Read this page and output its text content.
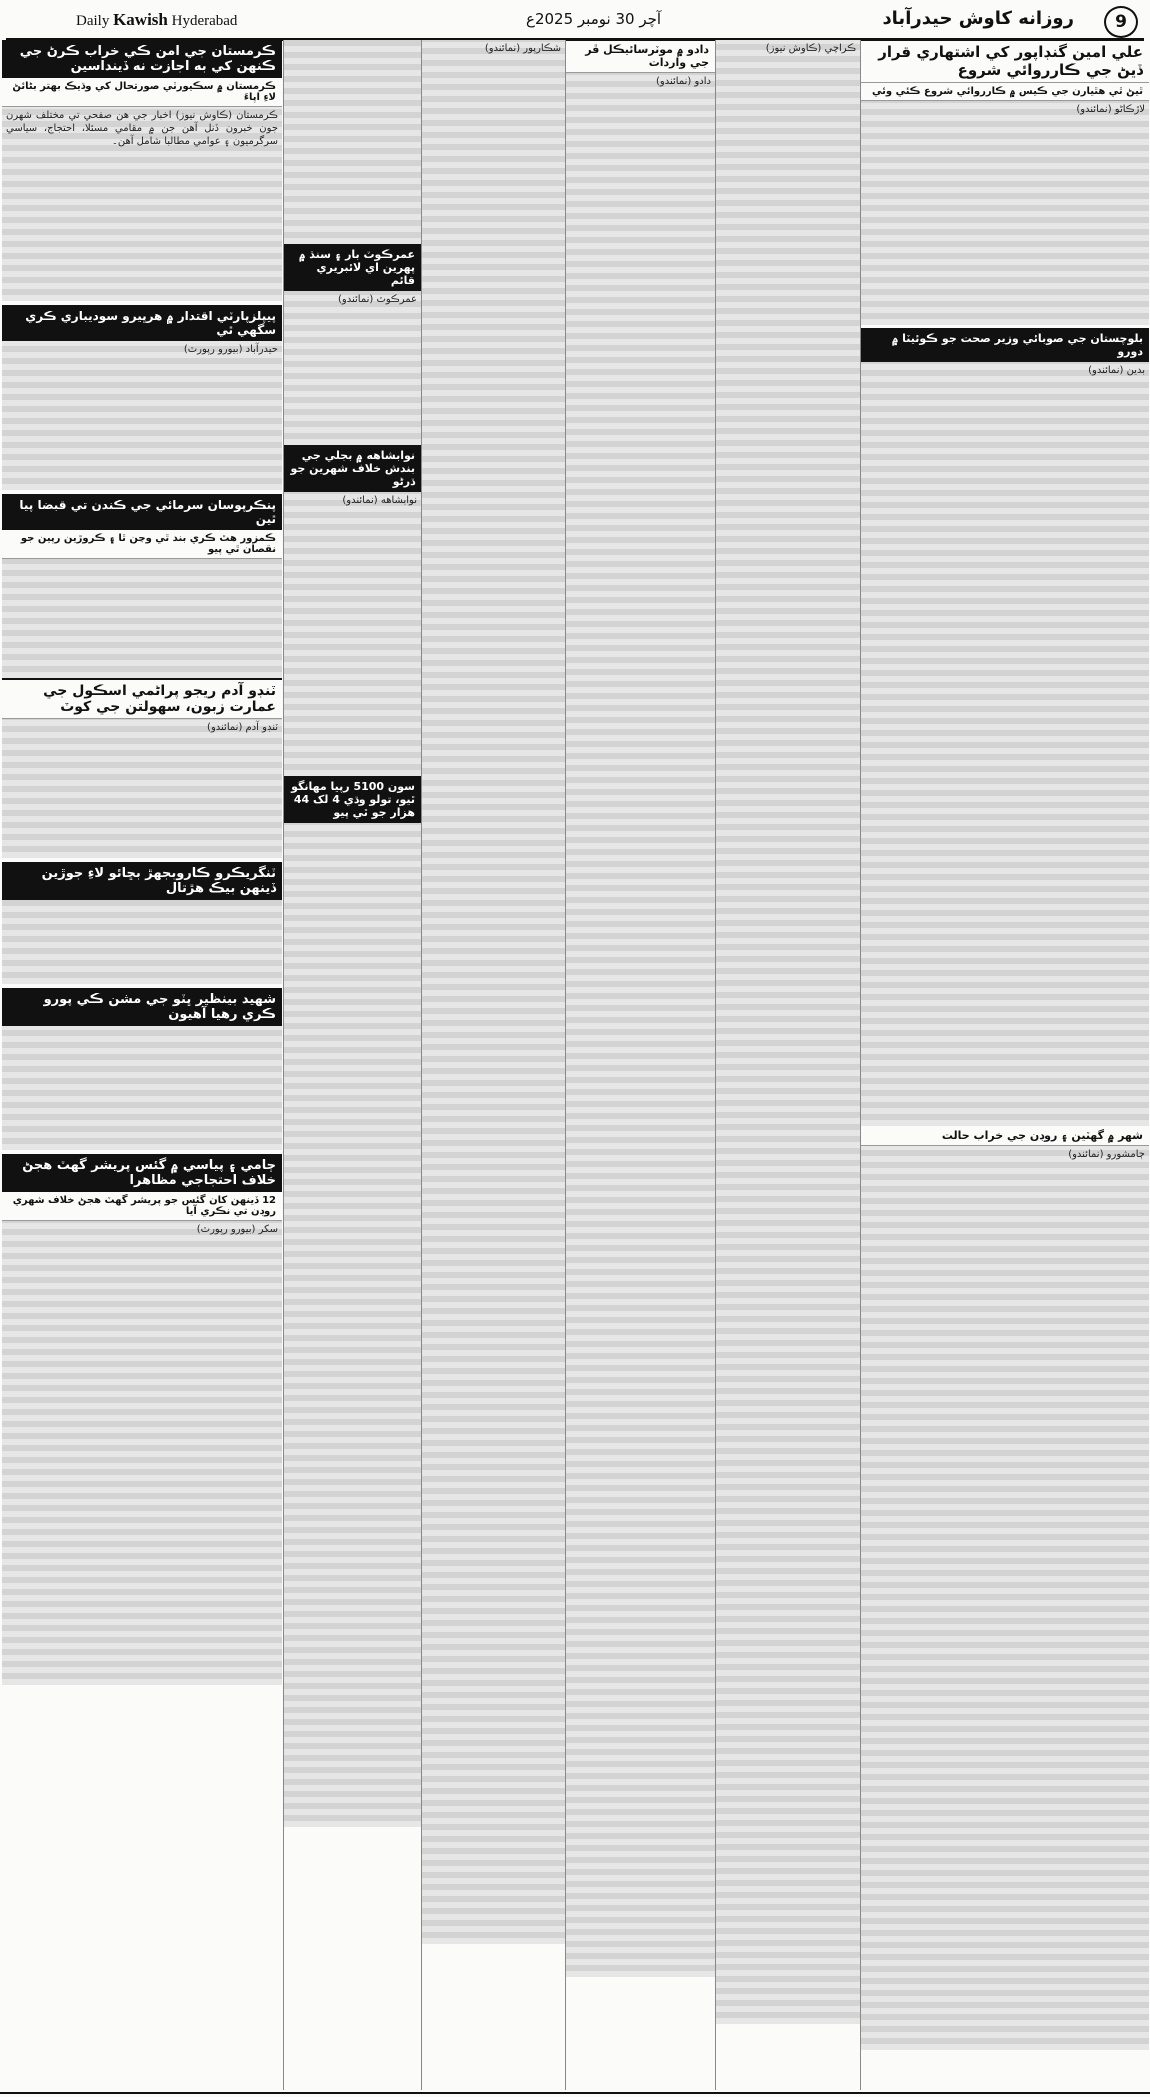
Daily Kawish Hyderabad	آچر 30 نومبر 2025ع	روزانه كاوش حيدرآباد	9
ڪرمستان جي امن ڪي خراب ڪرڻ جي ڪنهن کي به اجازت نه ڏينداسين
ڪرمستان ۾ سڪيورٽي صورتحال کي وڌيڪ بهتر بڻائڻ لاءِ اپاءَ
ڪرمستان (ڪاوش نيوز) اخبار جي هن صفحي تي مختلف شهرن جون خبرون ڏنل آهن جن ۾ مقامي مسئلا، احتجاج، سياسي سرگرميون ۽ عوامي مطالبا شامل آهن۔
پيپلزپارٽي اقتدار ۾ هرڀيرو سوديباري ڪري سگهي ٿي
حيدرآباد (بيورو رپورٽ)
پنڪرپوسان سرمائي جي ڪندن تي قبضا پيا ٿين
ڪمزور هٿ ڪري بند ٿي وڃن ٿا ۽ ڪروڙين رپين جو نقصان ٿي پيو
ٽنڊو آدم ريجو پراڻمي اسڪول جي عمارت زبون، سهولتن جي کوٽ
ٽنڊو آدم (نمائندو)
ٽنگريڪرو ڪاروبجهڙ بڇائو لاءِ جوڙين ڏينهن بيڪ هڙتال
شهيد بينظير ڀٽو جي مشن ڪي پورو ڪري رهيا آهيون
ڄامي ۽ پياسي ۾ گئس پريشر گهٽ هجڻ خلاف احتجاجي مظاهرا
12 ڏينهن کان گئس جو پريشر گهٽ هجڻ خلاف شهري روڊن تي نڪري آيا
سکر (بيورو رپورٽ)
عمرڪوٽ بار ۽ سنڌ ۾ پهرين اي لائبريري قائم
عمرڪوٽ (نمائندو)
نوابشاهه ۾ بجلي جي بندش خلاف شهرين جو ڌرڻو
نوابشاهه (نمائندو)
سون 5100 رپيا مهانگو ٿيو، تولو وڌي 4 لک 44 هزار جو ٿي پيو
شڪارپور (نمائندو)	دادو ۾ موٽرسائيڪل ڦر جي واردات
دادو (نمائندو)
ڪراچي (ڪاوش نيوز)	علي امين گنڊاپور کي اشتهاري قرار ڏيڻ جي ڪارروائي شروع
ٿيڻ ٿي هٿيارن جي ڪيس ۾ ڪارروائي شروع ڪئي وئي
لاڙڪاڻو (نمائندو)
بلوچستان جي صوبائي وزير صحت جو ڪوئيٽا ۾ دورو
بدين (نمائندو)
شهر ۾ گهٽين ۽ روڊن جي خراب حالت
ڄامشورو (نمائندو)
